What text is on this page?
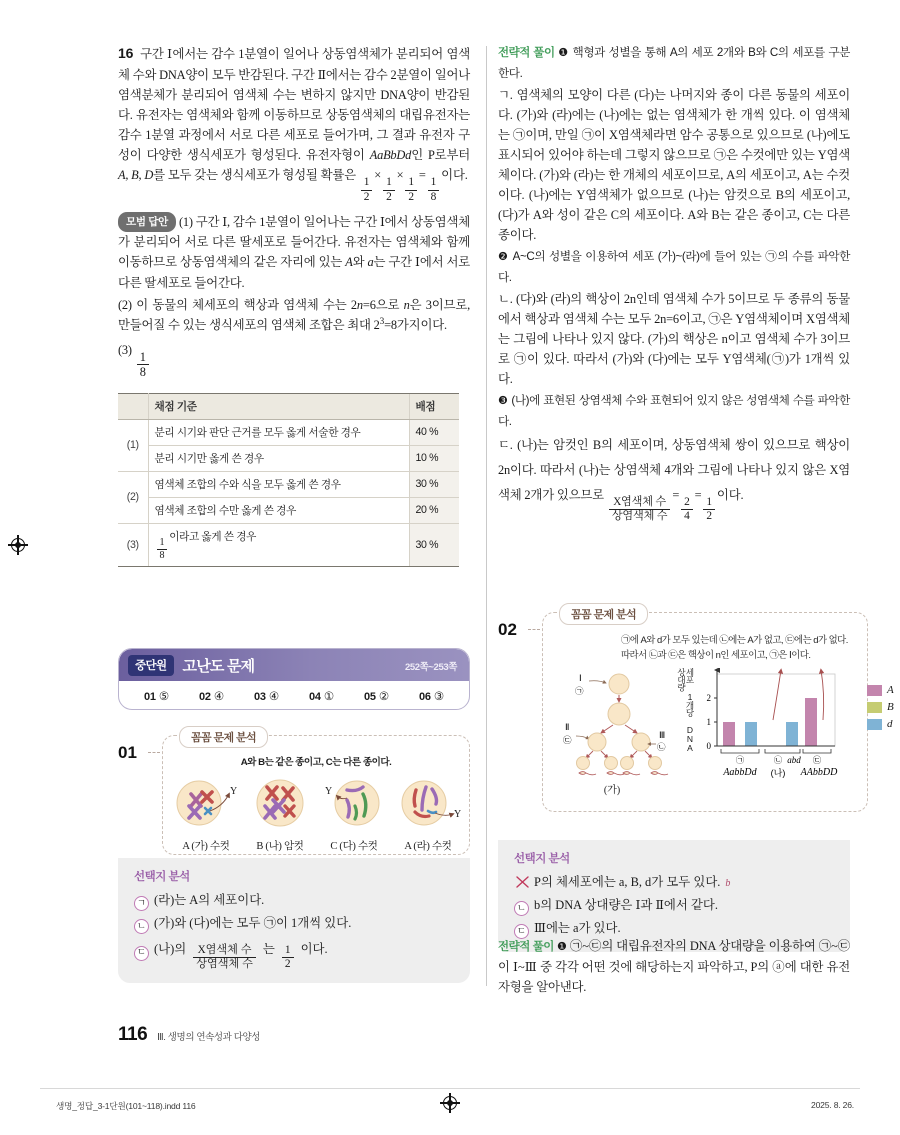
16 구간 Ⅰ에서는 감수 1분열이 일어나 상동염색체가 분리되어 염색체 수와 DNA양이 모두 반감된다. 구간 Ⅱ에서는 감수 2분열이 일어나 염색분체가 분리되어 염색체 수는 변하지 않지만 DNA양이 반감된다. 유전자는 염색체와 함께 이동하므로 상동염색체의 대립유전자는 감수 1분열 과정에서 서로 다른 세포로 들어가며, 그 결과 유전자 구성이 다양한 생식세포가 형성된다. 유전자형이 AaBbDd인 P로부터 A, B, D를 모두 갖는 생식세포가 형성될 확률은
$\frac{1}{2}$
×
$\frac{1}{2}$
×
$\frac{1}{2}$
=
$\frac{1}{8}$
이다.
모범 답안 (1) 구간 Ⅰ, 감수 1분열이 일어나는 구간 Ⅰ에서 상동염색체가 분리되어 서로 다른 딸세포로 들어간다. 유전자는 염색체와 함께 이동하므로 상동염색체의 같은 자리에 있는 A와 a는 구간 Ⅰ에서 서로 다른 딸세포로 들어간다.
(2) 이 동물의 체세포의 핵상과 염색체 수는 2n=6으로 n은 3이므로, 만들어질 수 있는 생식세포의 염색체 조합은 최대 $2^3=8$가지이다.
(3)
$\frac{1}{8}$
	채점 기준	배점
(1)	분리 시기와 판단 근거를 모두 옳게 서술한 경우	40 %
	분리 시기만 옳게 쓴 경우	10 %
(2)	염색체 조합의 수와 식을 모두 옳게 쓴 경우	30 %
	염색체 조합의 수만 옳게 쓴 경우	20 %
(3)	$\frac{1}{8}$
이라고 옳게 쓴 경우	30 %
중단원	고난도 문제	252쪽~253쪽
01 ⑤	02 ④	03 ④	04 ①	05 ②	06 ③
01
꼼꼼 문제 분석
A와 B는 같은 종이고, C는 다른 종이다.
Y
A (가) 수컷	B (나) 암컷
Y
C (다) 수컷
Y
A (라) 수컷
선택지 분석
ㄱ (라)는 A의 세포이다.
ㄴ (가)와 (다)에는 모두 ㉠이 1개씩 있다.
ㄷ (나)의 $\frac{\text{X염색체 수}}{\text{상염색체 수}}$ 는 $\frac{1}{2}$ 이다.
전략적 풀이 ❶ 핵형과 성별을 통해 A의 세포 2개와 B와 C의 세포를 구분한다.
ㄱ. 염색체의 모양이 다른 (다)는 나머지와 종이 다른 동물의 세포이다. (가)와 (라)에는 (나)에는 없는 염색체가 한 개씩 있다. 이 염색체는 ㉠이며, 만일 ㉠이 X염색체라면 암수 공통으로 있으므로 (나)에도 표시되어 있어야 하는데 그렇지 않으므로 ㉠은 수컷에만 있는 Y염색체이다. (가)와 (라)는 한 개체의 세포이므로, A의 세포이고, A는 수컷이다. (나)에는 Y염색체가 없으므로 (나)는 암컷으로 B의 세포이고, (다)가 A와 성이 같은 C의 세포이다. A와 B는 같은 종이고, C는 다른 종이다.
❷ A~C의 성별을 이용하여 세포 (가)~(라)에 들어 있는 ㉠의 수를 파악한다.
ㄴ. (다)와 (라)의 핵상이 2n인데 염색체 수가 5이므로 두 종류의 동물에서 핵상과 염색체 수는 모두 2n=6이고, ㉠은 Y염색체이며 X염색체는 그림에 나타나 있지 않다. (가)의 핵상은 n이고 염색체 수가 3이므로 ㉠이 있다. 따라서 (가)와 (다)에는 모두 Y염색체(㉠)가 1개씩 있다.
❸ (나)에 표현된 상염색체 수와 표현되어 있지 않은 성염색체 수를 파악한다.
ㄷ. (나)는 암컷인 B의 세포이며, 상동염색체 쌍이 있으므로 핵상이 2n이다. 따라서 (나)는 상염색체 4개와 그림에 나타나 있지 않은 X염색체 2개가 있으므로
$\frac{\text{X염색체 수}}{\text{상염색체 수}}$
=
$\frac{2}{4}$
=
$\frac{1}{2}$
이다.
02
꼼꼼 문제 분석
㉠에 A와 d가 모두 있는데 ㉡에는 A가 없고, ㉢에는 d가 없다. 따라서 ㉡과 ㉢은 핵상이 n인 세포이고, ㉠은 Ⅰ이다.
Ⅰ
㉠
Ⅱ
㉢	Ⅲ
㉡
(가)
세포 1개당 DNA 상대량
0
1
2
㉠	㉡ abd ㉢
AabbDd (나) AAbbDD
A
B
d
선택지 분석
P의 체세포에는 a, B, d가 모두 있다. b
ㄴ b의 DNA 상대량은 Ⅰ과 Ⅱ에서 같다.
ㄷ Ⅲ에는 a가 있다.
전략적 풀이 ❶ ㉠~㉢의 대립유전자의 DNA 상대량을 이용하여 ㉠~㉢이 Ⅰ~Ⅲ 중 각각 어떤 것에 해당하는지 파악하고, P의 ⓐ에 대한 유전자형을 알아낸다.
116 Ⅲ. 생명의 연속성과 다양성
생명_정답_3-1단원(101~118).indd 116	2025. 8. 26.
